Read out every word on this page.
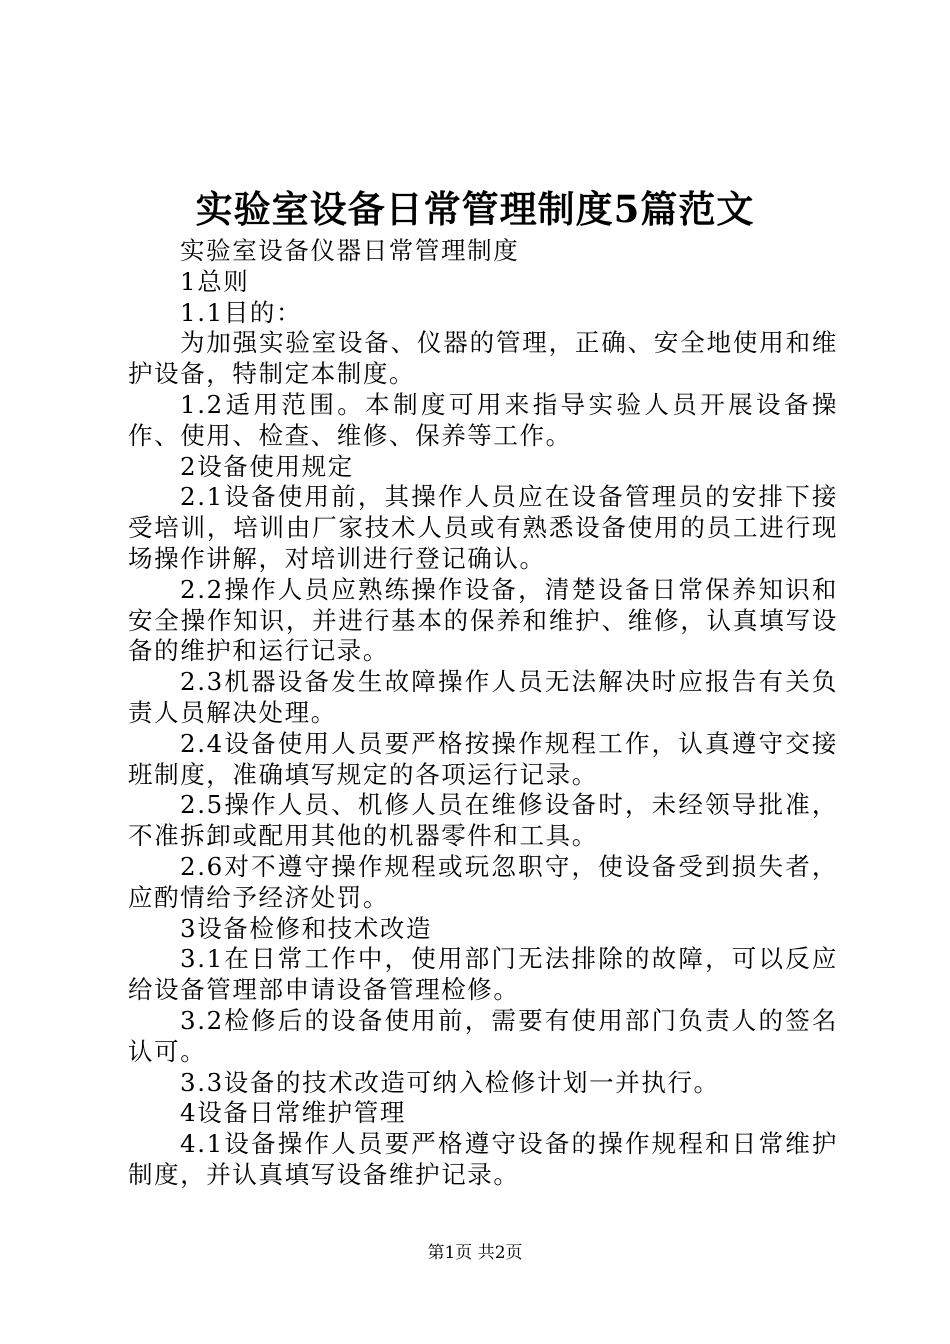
实验室设备日常管理制度5篇范文

实验室设备仪器日常管理制度

1总则

1.1目的：

为加强实验室设备、仪器的管理，正确、安全地使用和维护设备，特制定本制度。

1.2适用范围。本制度可用来指导实验人员开展设备操作、使用、检查、维修、保养等工作。

2设备使用规定

2.1设备使用前，其操作人员应在设备管理员的安排下接受培训，培训由厂家技术人员或有熟悉设备使用的员工进行现场操作讲解，对培训进行登记确认。

2.2操作人员应熟练操作设备，清楚设备日常保养知识和安全操作知识，并进行基本的保养和维护、维修，认真填写设备的维护和运行记录。

2.3机器设备发生故障操作人员无法解决时应报告有关负责人员解决处理。

2.4设备使用人员要严格按操作规程工作，认真遵守交接班制度，准确填写规定的各项运行记录。

2.5操作人员、机修人员在维修设备时，未经领导批准，不准拆卸或配用其他的机器零件和工具。

2.6对不遵守操作规程或玩忽职守，使设备受到损失者，应酌情给予经济处罚。

3设备检修和技术改造

3.1在日常工作中，使用部门无法排除的故障，可以反应给设备管理部申请设备管理检修。

3.2检修后的设备使用前，需要有使用部门负责人的签名认可。

3.3设备的技术改造可纳入检修计划一并执行。

4设备日常维护管理

4.1设备操作人员要严格遵守设备的操作规程和日常维护制度，并认真填写设备维护记录。

第1页 共2页
